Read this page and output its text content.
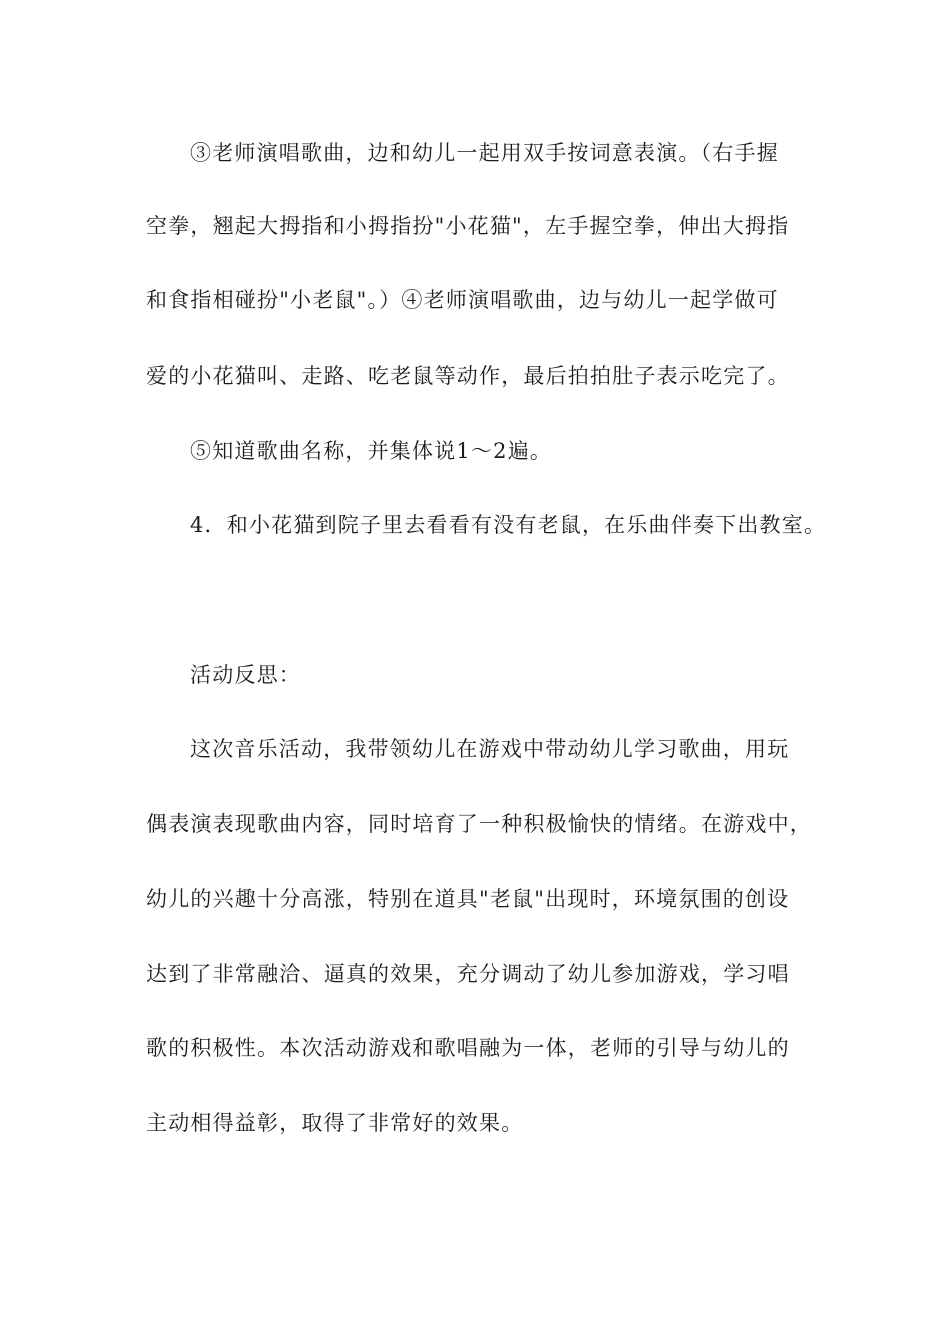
③老师演唱歌曲，边和幼儿一起用双手按词意表演。（右手握
空拳，翘起大拇指和小拇指扮"小花猫"，左手握空拳，伸出大拇指
和食指相碰扮"小老鼠"。）④老师演唱歌曲，边与幼儿一起学做可
爱的小花猫叫、走路、吃老鼠等动作，最后拍拍肚子表示吃完了。
⑤知道歌曲名称，并集体说1～2遍。
4．和小花猫到院子里去看看有没有老鼠，在乐曲伴奏下出教室。
活动反思：
这次音乐活动，我带领幼儿在游戏中带动幼儿学习歌曲，用玩
偶表演表现歌曲内容，同时培育了一种积极愉快的情绪。在游戏中，
幼儿的兴趣十分高涨，特别在道具"老鼠"出现时，环境氛围的创设
达到了非常融洽、逼真的效果，充分调动了幼儿参加游戏，学习唱
歌的积极性。本次活动游戏和歌唱融为一体，老师的引导与幼儿的
主动相得益彰，取得了非常好的效果。
